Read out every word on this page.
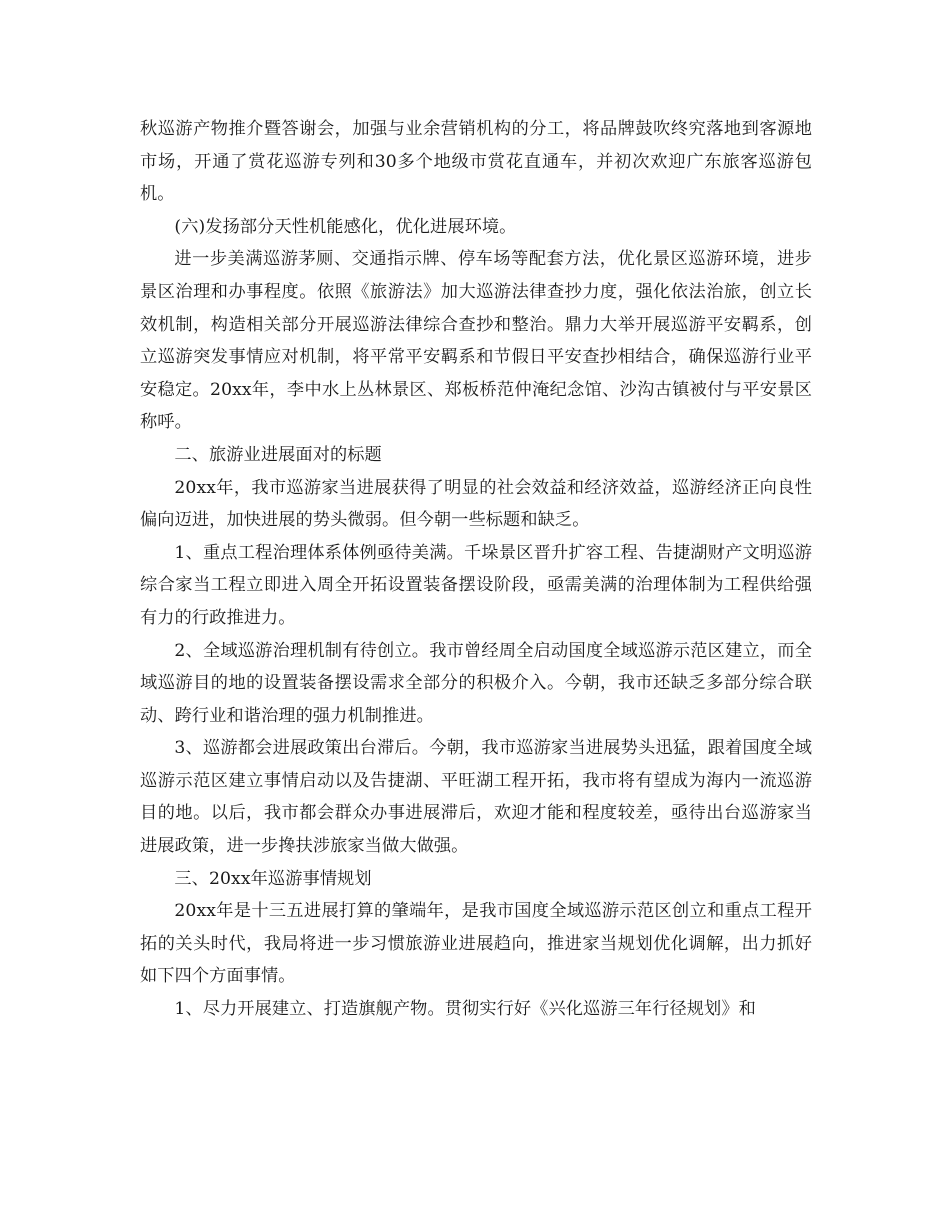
秋巡游产物推介暨答谢会，加强与业余营销机构的分工，将品牌鼓吹终究落地到客源地市场，开通了赏花巡游专列和30多个地级市赏花直通车，并初次欢迎广东旅客巡游包机。

(六)发扬部分天性机能感化，优化进展环境。

进一步美满巡游茅厕、交通指示牌、停车场等配套方法，优化景区巡游环境，进步景区治理和办事程度。依照《旅游法》加大巡游法律查抄力度，强化依法治旅，创立长效机制，构造相关部分开展巡游法律综合查抄和整治。鼎力大举开展巡游平安羁系，创立巡游突发事情应对机制，将平常平安羁系和节假日平安查抄相结合，确保巡游行业平安稳定。20xx年，李中水上丛林景区、郑板桥范仲淹纪念馆、沙沟古镇被付与平安景区称呼。

二、旅游业进展面对的标题

20xx年，我市巡游家当进展获得了明显的社会效益和经济效益，巡游经济正向良性偏向迈进，加快进展的势头微弱。但今朝一些标题和缺乏。

1、重点工程治理体系体例亟待美满。千垛景区晋升扩容工程、告捷湖财产文明巡游综合家当工程立即进入周全开拓设置装备摆设阶段，亟需美满的治理体制为工程供给强有力的行政推进力。

2、全域巡游治理机制有待创立。我市曾经周全启动国度全域巡游示范区建立，而全域巡游目的地的设置装备摆设需求全部分的积极介入。今朝，我市还缺乏多部分综合联动、跨行业和谐治理的强力机制推进。

3、巡游都会进展政策出台滞后。今朝，我市巡游家当进展势头迅猛，跟着国度全域巡游示范区建立事情启动以及告捷湖、平旺湖工程开拓，我市将有望成为海内一流巡游目的地。以后，我市都会群众办事进展滞后，欢迎才能和程度较差，亟待出台巡游家当进展政策，进一步搀扶涉旅家当做大做强。

三、20xx年巡游事情规划

20xx年是十三五进展打算的肇端年，是我市国度全域巡游示范区创立和重点工程开拓的关头时代，我局将进一步习惯旅游业进展趋向，推进家当规划优化调解，出力抓好如下四个方面事情。

1、尽力开展建立、打造旗舰产物。贯彻实行好《兴化巡游三年行径规划》和
